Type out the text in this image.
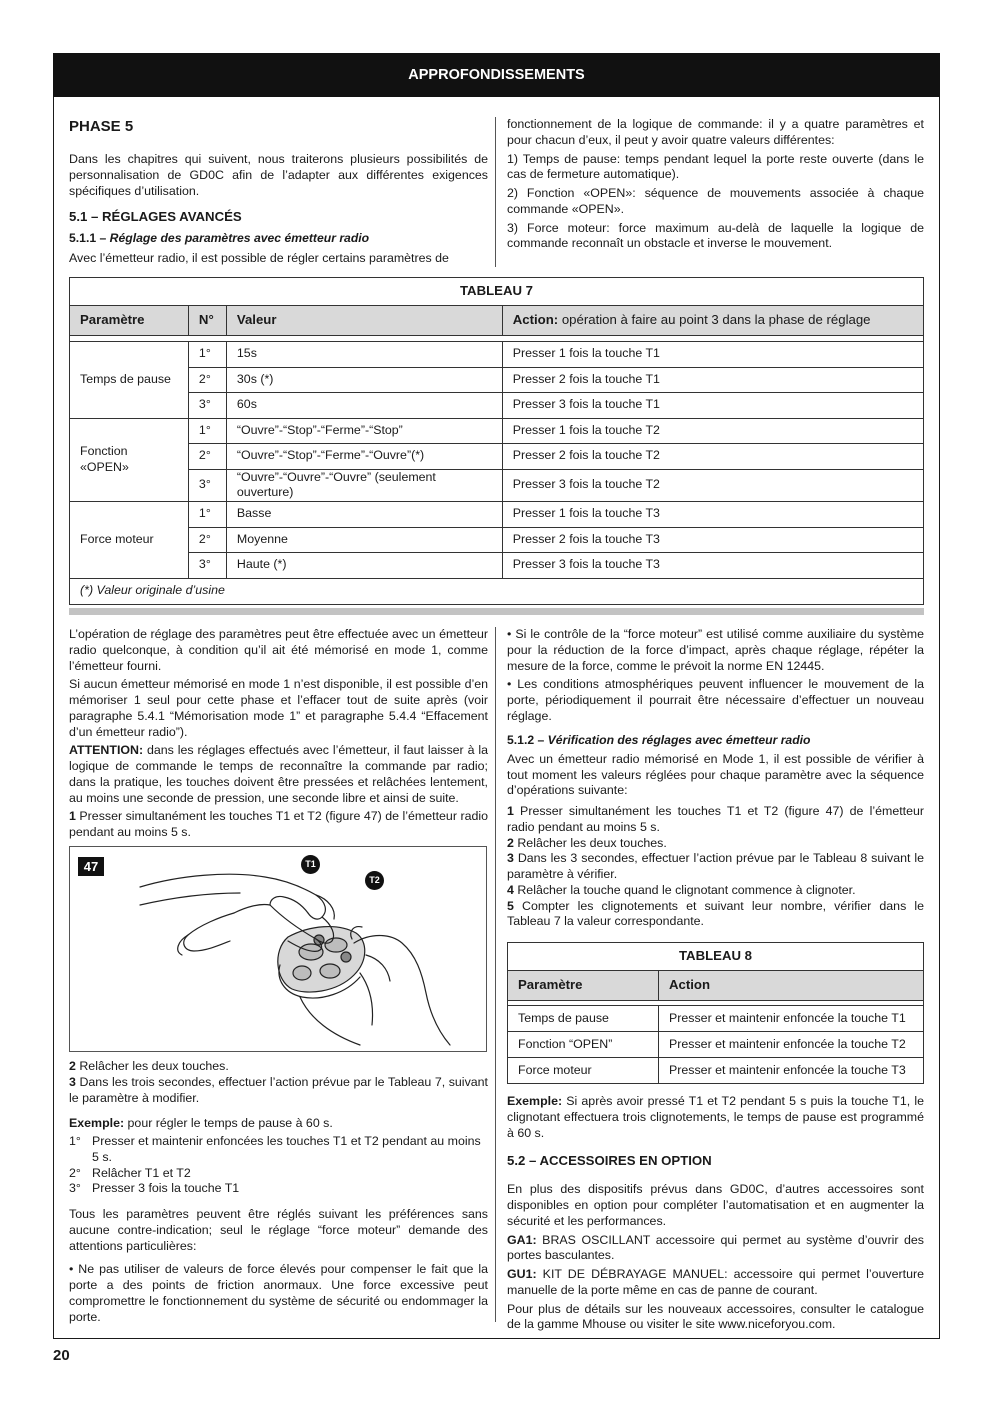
APPROFONDISSEMENTS
PHASE 5

Dans les chapitres qui suivent, nous traiterons plusieurs possibilités de personnalisation de GD0C afin de l’adapter aux différentes exigences spécifiques d’utilisation.

5.1 – RÉGLAGES AVANCÉS
5.1.1 – Réglage des paramètres avec émetteur radio

Avec l’émetteur radio, il est possible de régler certains paramètres de

fonctionnement de la logique de commande: il y a quatre paramètres et pour chacun d’eux, il peut y avoir quatre valeurs différentes:

1) Temps de pause: temps pendant lequel la porte reste ouverte (dans le cas de fermeture automatique).

2) Fonction «OPEN»: séquence de mouvements associée à chaque commande «OPEN».

3) Force moteur: force maximum au-delà de laquelle la logique de commande reconnaît un obstacle et inverse le mouvement.

TABLEAU 7			
Paramètre	N°	Valeur	Action: opération à faire au point 3 dans la phase de réglage

Temps de pause	1°	15s	Presser 1 fois la touche T1
	2°	30s (*)	Presser 2 fois la touche T1
	3°	60s	Presser 3 fois la touche T1
Fonction «OPEN»	1°	“Ouvre”-“Stop”-“Ferme”-“Stop”	Presser 1 fois la touche T2
	2°	“Ouvre”-“Stop”-“Ferme”-“Ouvre”(*)	Presser 2 fois la touche T2
	3°	“Ouvre”-“Ouvre”-“Ouvre” (seulement ouverture)	Presser 3 fois la touche T2
Force moteur	1°	Basse	Presser 1 fois la touche T3
	2°	Moyenne	Presser 2 fois la touche T3
	3°	Haute (*)	Presser 3 fois la touche T3
(*) Valeur originale d’usine			

L’opération de réglage des paramètres peut être effectuée avec un émetteur radio quelconque, à condition qu’il ait été mémorisé en mode 1, comme l’émetteur fourni.

Si aucun émetteur mémorisé en mode 1 n’est disponible, il est possible d’en mémoriser 1 seul pour cette phase et l’effacer tout de suite après (voir paragraphe 5.4.1 “Mémorisation mode 1” et paragraphe 5.4.4 “Effacement d’un émetteur radio”).

ATTENTION: dans les réglages effectués avec l’émetteur, il faut laisser à la logique de commande le temps de reconnaître la commande par radio; dans la pratique, les touches doivent être pressées et relâchées lentement, au moins une seconde de pression, une seconde libre et ainsi de suite.

1 Presser simultanément les touches T1 et T2 (figure 47) de l’émetteur radio pendant au moins 5 s.

47	T1
T2

2 Relâcher les deux touches.

3 Dans les trois secondes, effectuer l’action prévue par le Tableau 7, suivant le paramètre à modifier.

Exemple: pour régler le temps de pause à 60 s.

1° Presser et maintenir enfoncées les touches T1 et T2 pendant au moins 5 s.
2° Relâcher T1 et T2
3° Presser 3 fois la touche T1

Tous les paramètres peuvent être réglés suivant les préférences sans aucune contre-indication; seul le réglage “force moteur” demande des attentions particulières:

• Ne pas utiliser de valeurs de force élevés pour compenser le fait que la porte a des points de friction anormaux. Une force excessive peut compromettre le fonctionnement du système de sécurité ou endommager la porte.

• Si le contrôle de la “force moteur” est utilisé comme auxiliaire du système pour la réduction de la force d’impact, après chaque réglage, répéter la mesure de la force, comme le prévoit la norme EN 12445.

• Les conditions atmosphériques peuvent influencer le mouvement de la porte, périodiquement il pourrait être nécessaire d’effectuer un nouveau réglage.

5.1.2 – Vérification des réglages avec émetteur radio

Avec un émetteur radio mémorisé en Mode 1, il est possible de vérifier à tout moment les valeurs réglées pour chaque paramètre avec la séquence d’opérations suivante:

1 Presser simultanément les touches T1 et T2 (figure 47) de l’émetteur radio pendant au moins 5 s.

2 Relâcher les deux touches.

3 Dans les 3 secondes, effectuer l’action prévue par le Tableau 8 suivant le paramètre à vérifier.

4 Relâcher la touche quand le clignotant commence à clignoter.

5 Compter les clignotements et suivant leur nombre, vérifier dans le Tableau 7 la valeur correspondante.

TABLEAU 8	
Paramètre	Action

Temps de pause	Presser et maintenir enfoncée la touche T1
Fonction “OPEN”	Presser et maintenir enfoncée la touche T2
Force moteur	Presser et maintenir enfoncée la touche T3

Exemple: Si après avoir pressé T1 et T2 pendant 5 s puis la touche T1, le clignotant effectuera trois clignotements, le temps de pause est programmé à 60 s.

5.2 – ACCESSOIRES EN OPTION

En plus des dispositifs prévus dans GD0C, d’autres accessoires sont disponibles en option pour compléter l’automatisation et en augmenter la sécurité et les performances.

GA1: BRAS OSCILLANT accessoire qui permet au système d’ouvrir des portes basculantes.

GU1: KIT DE DÉBRAYAGE MANUEL: accessoire qui permet l’ouverture manuelle de la porte même en cas de panne de courant.

Pour plus de détails sur les nouveaux accessoires, consulter le catalogue de la gamme Mhouse ou visiter le site www.niceforyou.com.

20
